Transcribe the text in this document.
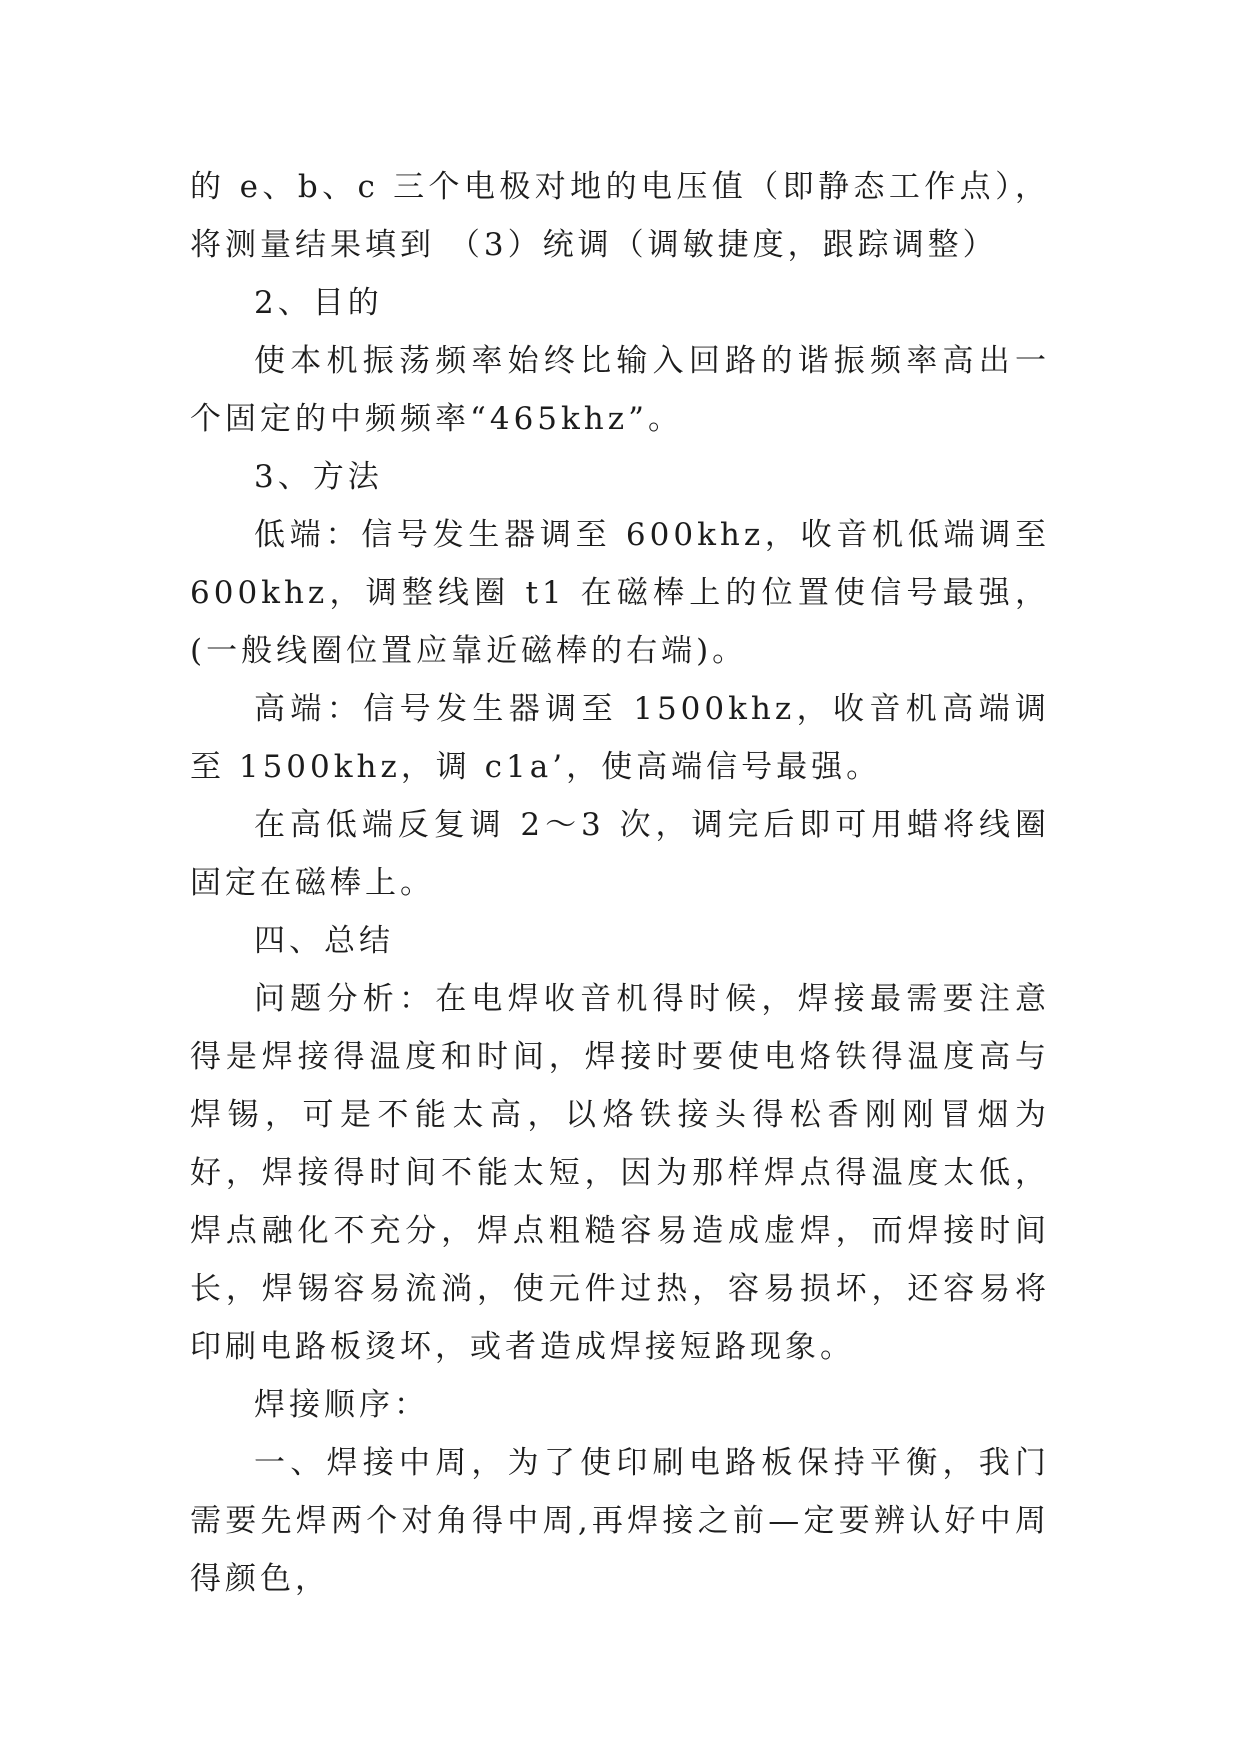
的 e、b、c 三个电极对地的电压值（即静态工作点），将测量结果填到 （3）统调（调敏捷度，跟踪调整）

2、目的

使本机振荡频率始终比输入回路的谐振频率高出一个固定的中频频率“465khz”。

3、方法

低端：信号发生器调至 600khz，收音机低端调至 600khz，调整线圈 t1 在磁棒上的位置使信号最强，(一般线圈位置应靠近磁棒的右端)。

高端：信号发生器调至 1500khz，收音机高端调至 1500khz，调 c1a’，使高端信号最强。

在高低端反复调 2～3 次，调完后即可用蜡将线圈固定在磁棒上。

四、总结

问题分析：在电焊收音机得时候，焊接最需要注意得是焊接得温度和时间，焊接时要使电烙铁得温度高与焊锡，可是不能太高，以烙铁接头得松香刚刚冒烟为好，焊接得时间不能太短，因为那样焊点得温度太低，焊点融化不充分，焊点粗糙容易造成虚焊，而焊接时间长，焊锡容易流淌，使元件过热，容易损坏，还容易将印刷电路板烫坏，或者造成焊接短路现象。

焊接顺序：

一、焊接中周，为了使印刷电路板保持平衡，我门需要先焊两个对角得中周,再焊接之前—定要辨认好中周得颜色，
